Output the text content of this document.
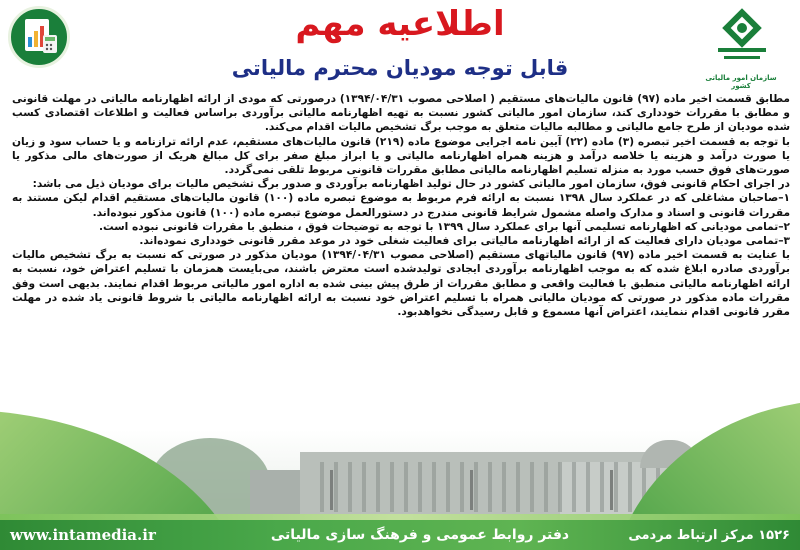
سازمان امور مالیاتی کشور
اطلاعیه مهم
قابل توجه مودیان محترم مالیاتی

مطابق قسمت اخیر ماده (۹۷) قانون مالیات‌های مستقیم ( اصلاحی مصوب ۱۳۹۴/۰۴/۳۱) درصورتی که مودی از ارائه اظهارنامه مالیاتی در مهلت قانونی و مطابق با مقررات خودداری کند، سازمان امور مالیاتی کشور نسبت به تهیه اظهارنامه مالیاتی برآوردی براساس فعالیت و اطلاعات اقتصادی کسب شده مودیان از طرح جامع مالیاتی و مطالبه مالیات متعلق به موجب برگ تشخیص مالیات اقدام می‌کند.

با توجه به قسمت اخیر تبصره (۳) ماده (۲۲) آیین نامه اجرایی موضوع ماده (۲۱۹) قانون مالیات‌های مستقیم، عدم ارائه ترازنامه و یا حساب سود و زیان یا صورت درآمد و هزینه یا خلاصه درآمد و هزینه همراه اظهارنامه مالیاتی و یا ابراز مبلغ صفر برای کل مبالغ هریک از صورت‌های مالی مذکور یا صورت‌های فوق حسب مورد به منزله تسلیم اظهارنامه مالیاتی مطابق مقررات قانونی مربوط تلقی نمی‌گردد.

در اجرای احکام قانونی فوق، سازمان امور مالیاتی کشور در حال تولید اظهارنامه برآوردی و صدور برگ تشخیص مالیات برای مودیان ذیل می باشد:

۱–صاحبان مشاغلی که در عملکرد سال ۱۳۹۸ نسبت به ارائه فرم مربوط به موضوع تبصره ماده (۱۰۰) قانون مالیات‌های مستقیم اقدام لیکن مستند به مقررات قانونی و اسناد و مدارک واصله مشمول شرایط قانونی مندرج در دستورالعمل موضوع تبصره ماده (۱۰۰) قانون مذکور نبوده‌اند.

۲–تمامی مودیانی که اظهارنامه تسلیمی آنها برای عملکرد سال ۱۳۹۹ با توجه به توضیحات فوق ، منطبق با مقررات قانونی نبوده است.

۳–تمامی مودیان دارای فعالیت که از ارائه اظهارنامه مالیاتی برای فعالیت شغلی خود در موعد مقرر قانونی خودداری نموده‌اند.

با عنایت به قسمت اخیر ماده (۹۷) قانون مالیاتهای مستقیم (اصلاحی مصوب ۱۳۹۴/۰۴/۳۱) مودیان مذکور در صورتی که نسبت به برگ تشخیص مالیات برآوردی صادره ابلاغ شده که به موجب اظهارنامه برآوردی ایجادی تولیدشده است معترض باشند، می‌بایست همزمان با تسلیم اعتراض خود، نسبت به ارائه اظهارنامه مالیاتی منطبق با فعالیت واقعی و مطابق مقررات از طرق پیش بینی شده به اداره امور مالیاتی مربوط اقدام نمایند. بدیهی است وفق مقررات ماده مذکور در صورتی که مودیان مالیاتی همراه با تسلیم اعتراض خود نسبت به ارائه اظهارنامه مالیاتی با شروط قانونی یاد شده در مهلت مقرر قانونی اقدام ننمایند، اعتراض آنها مسموع و قابل رسیدگی نخواهدبود.

www.intamedia.ir	دفتر روابط عمومی و فرهنگ سازی مالیاتی	۱۵۲۶ مرکز ارتباط مردمی
